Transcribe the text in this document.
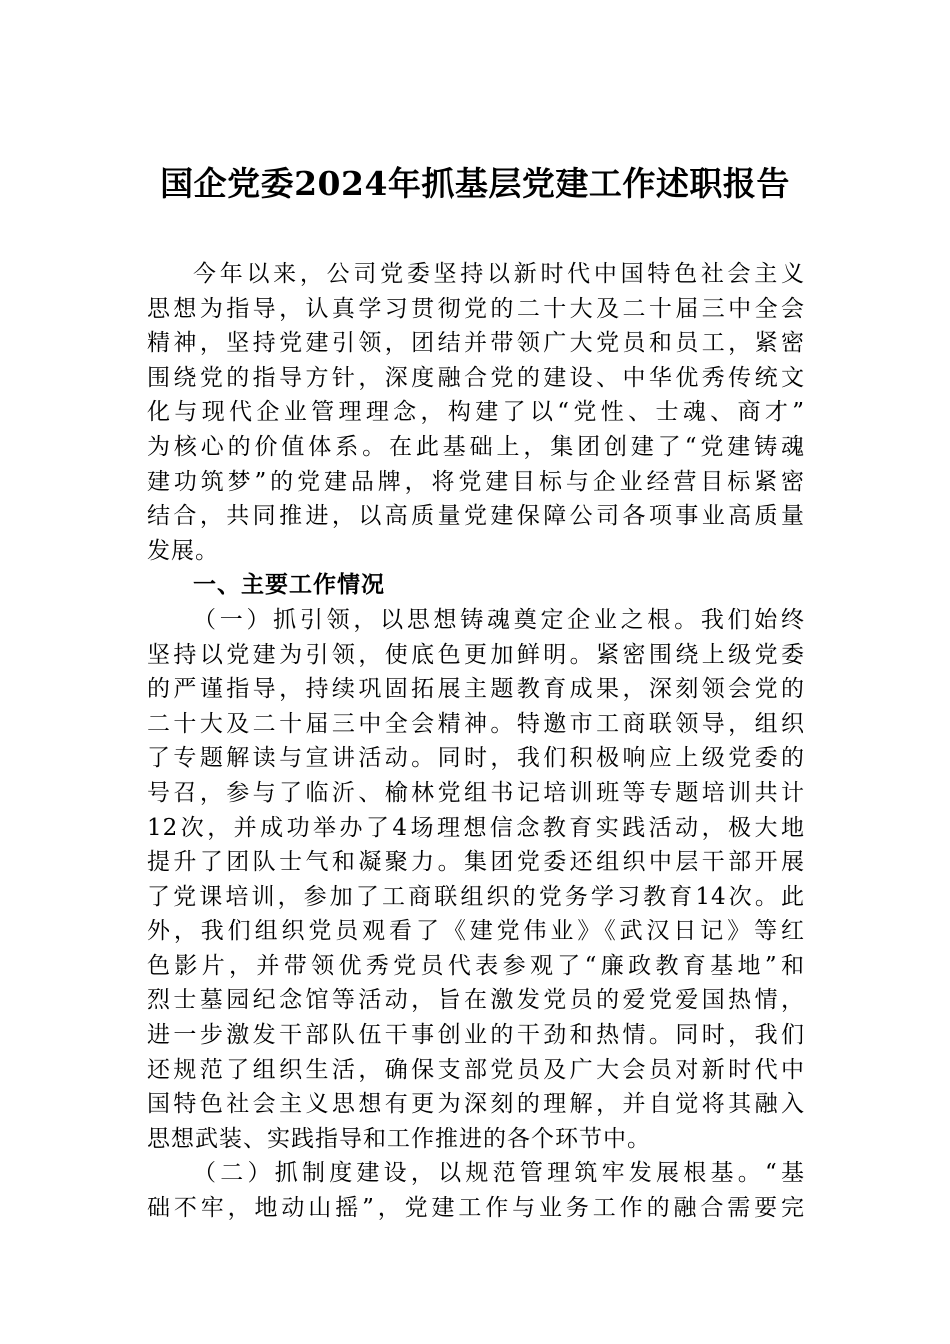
国企党委2024年抓基层党建工作述职报告
今年以来，公司党委坚持以新时代中国特色社会主义
思想为指导，认真学习贯彻党的二十大及二十届三中全会
精神，坚持党建引领，团结并带领广大党员和员工，紧密
围绕党的指导方针，深度融合党的建设、中华优秀传统文
化与现代企业管理理念，构建了以“党性、士魂、商才”
为核心的价值体系。在此基础上，集团创建了“党建铸魂
建功筑梦”的党建品牌，将党建目标与企业经营目标紧密
结合，共同推进，以高质量党建保障公司各项事业高质量
发展。
一、主要工作情况
（一）抓引领，以思想铸魂奠定企业之根。我们始终
坚持以党建为引领，使底色更加鲜明。紧密围绕上级党委
的严谨指导，持续巩固拓展主题教育成果，深刻领会党的
二十大及二十届三中全会精神。特邀市工商联领导，组织
了专题解读与宣讲活动。同时，我们积极响应上级党委的
号召，参与了临沂、榆林党组书记培训班等专题培训共计
12次，并成功举办了4场理想信念教育实践活动，极大地
提升了团队士气和凝聚力。集团党委还组织中层干部开展
了党课培训，参加了工商联组织的党务学习教育14次。此
外，我们组织党员观看了《建党伟业》《武汉日记》等红
色影片，并带领优秀党员代表参观了“廉政教育基地”和
烈士墓园纪念馆等活动，旨在激发党员的爱党爱国热情，
进一步激发干部队伍干事创业的干劲和热情。同时，我们
还规范了组织生活，确保支部党员及广大会员对新时代中
国特色社会主义思想有更为深刻的理解，并自觉将其融入
思想武装、实践指导和工作推进的各个环节中。
（二）抓制度建设，以规范管理筑牢发展根基。“基
础不牢，地动山摇”，党建工作与业务工作的融合需要完
